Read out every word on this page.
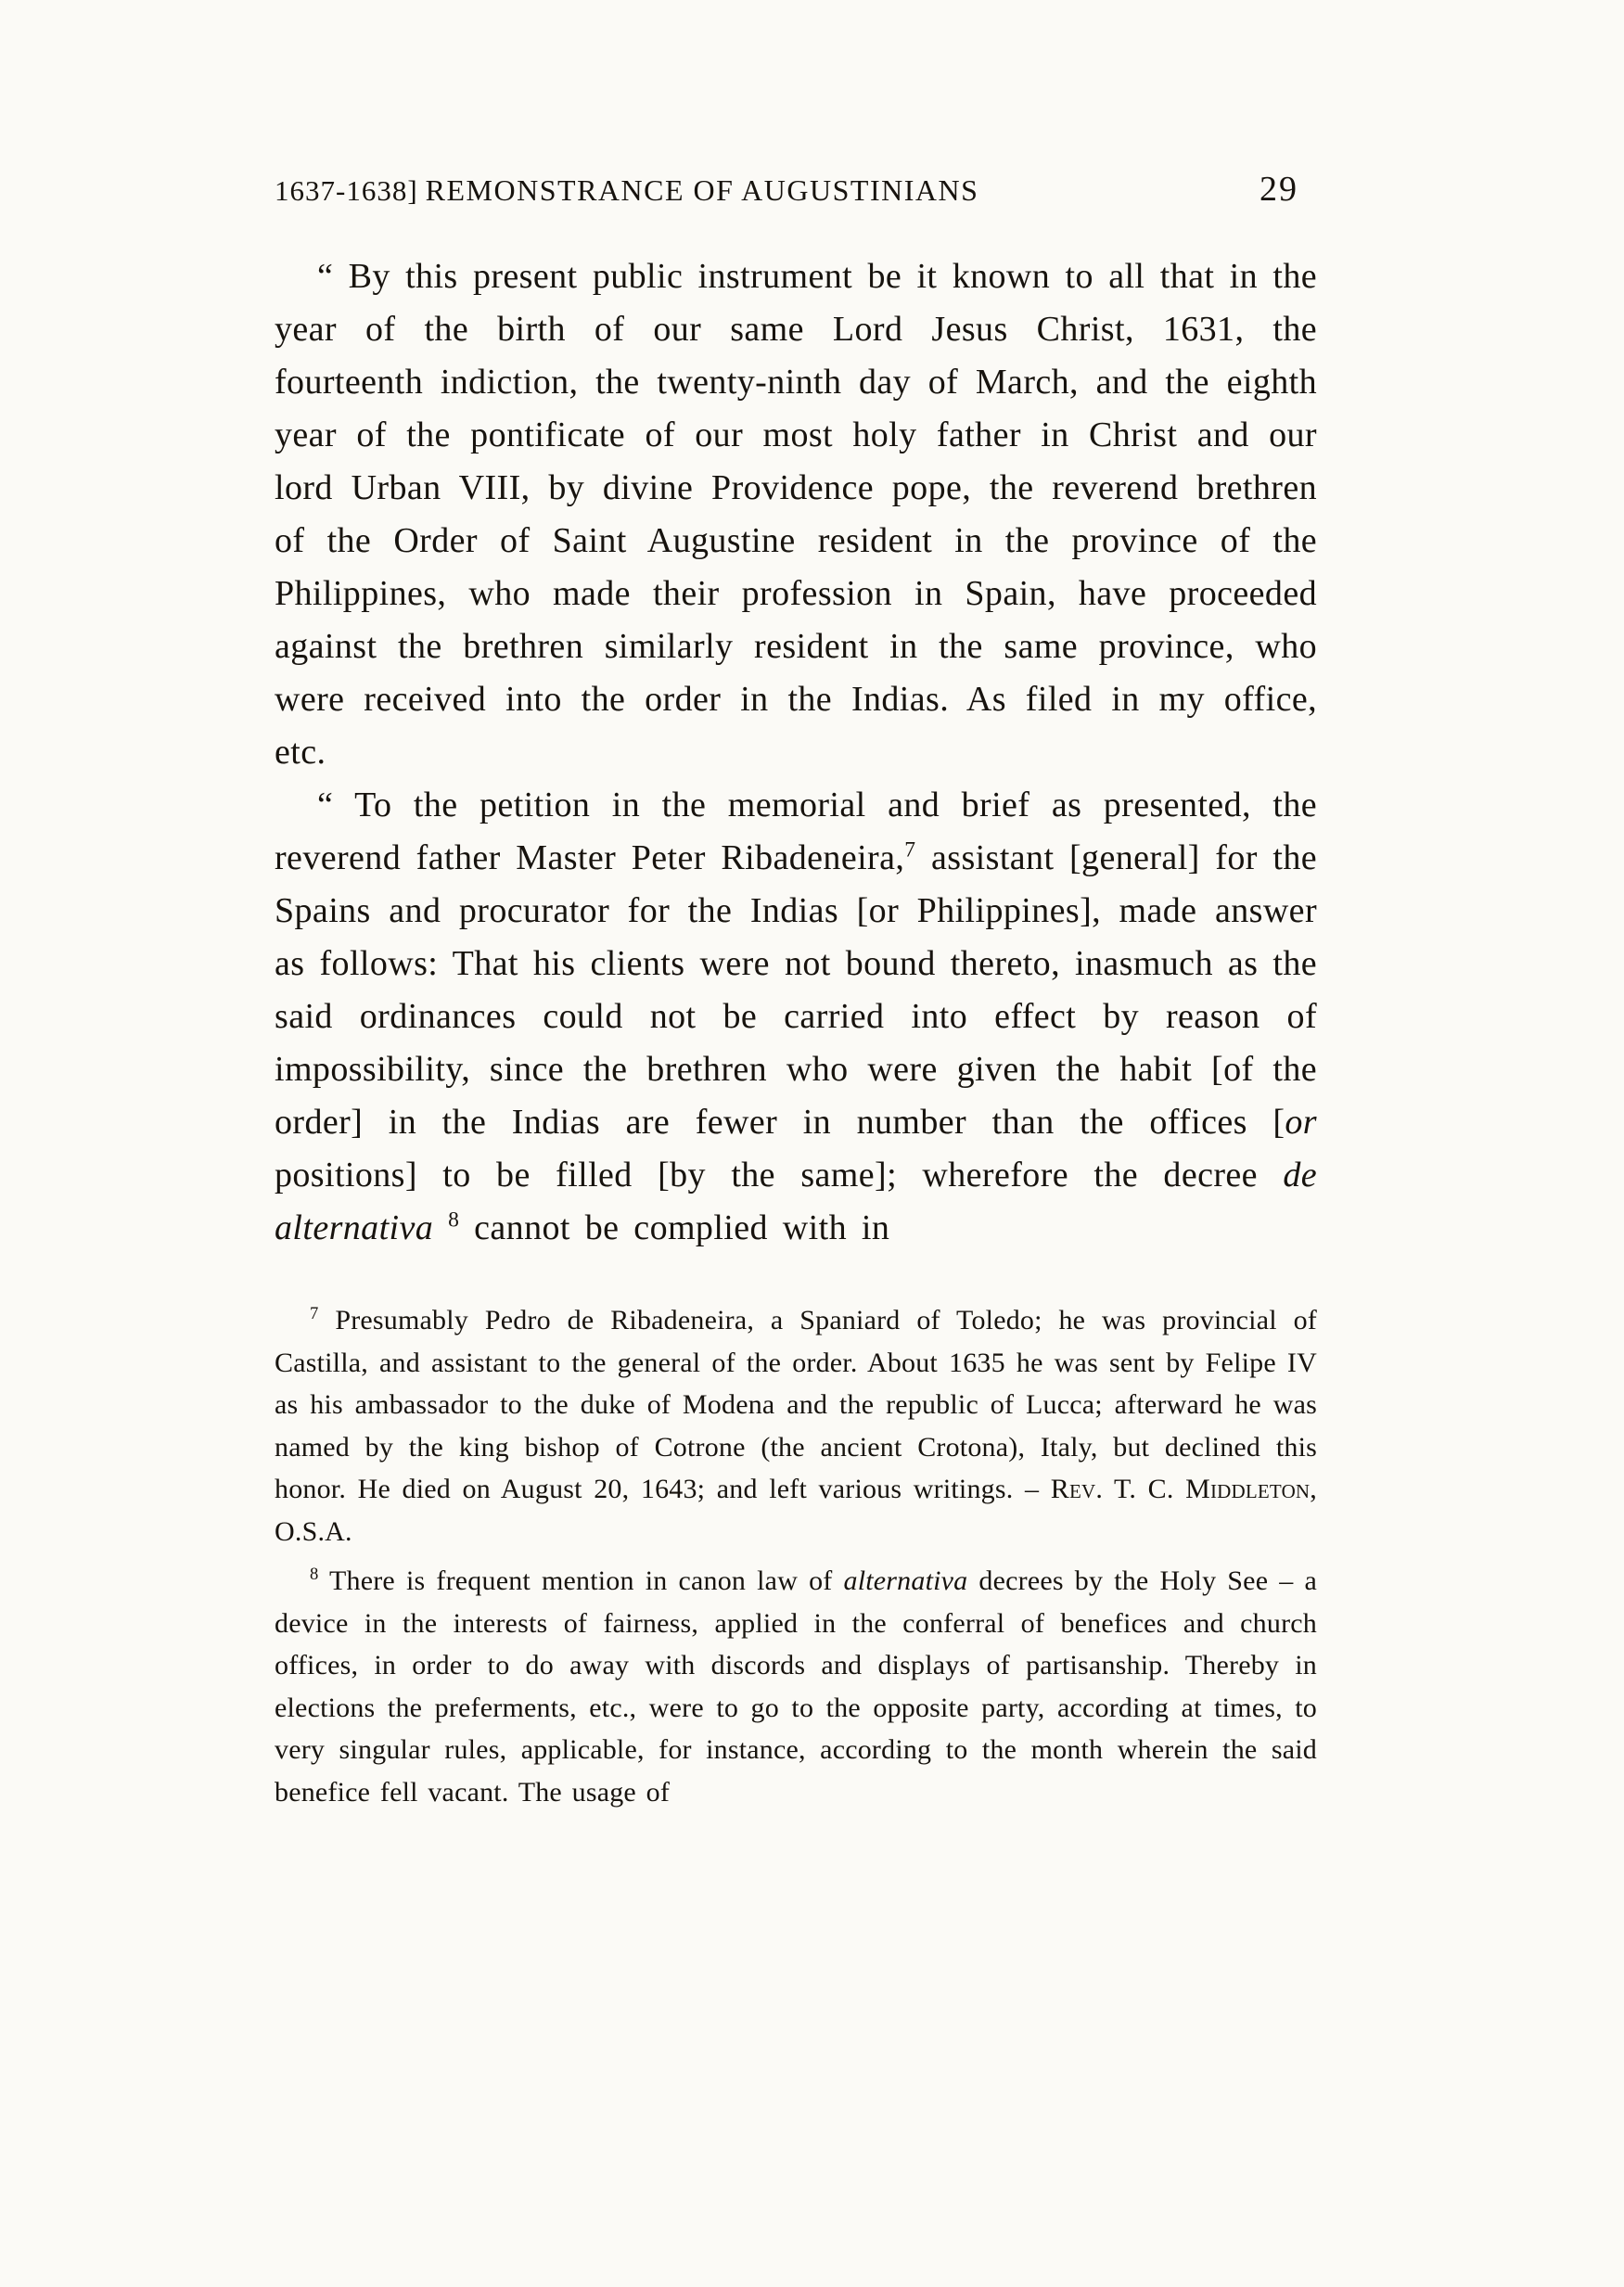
1637-1638] REMONSTRANCE OF AUGUSTINIANS	29

“ By this present public instrument be it known to all that in the year of the birth of our same Lord Jesus Christ, 1631, the fourteenth indiction, the twenty-ninth day of March, and the eighth year of the pontificate of our most holy father in Christ and our lord Urban VIII, by divine Providence pope, the reverend brethren of the Order of Saint Augustine resident in the province of the Philippines, who made their profession in Spain, have proceeded against the brethren similarly resident in the same province, who were received into the order in the Indias. As filed in my office, etc.

“ To the petition in the memorial and brief as presented, the reverend father Master Peter Ribadeneira,$^7$ assistant [general] for the Spains and procurator for the Indias [or Philippines], made answer as follows: That his clients were not bound thereto, inasmuch as the said ordinances could not be carried into effect by reason of impossibility, since the brethren who were given the habit [of the order] in the Indias are fewer in number than the offices [or positions] to be filled [by the same]; wherefore the decree de alternativa $^8$ cannot be complied with in

$^7$ Presumably Pedro de Ribadeneira, a Spaniard of Toledo; he was provincial of Castilla, and assistant to the general of the order. About 1635 he was sent by Felipe IV as his ambassador to the duke of Modena and the republic of Lucca; afterward he was named by the king bishop of Cotrone (the ancient Crotona), Italy, but declined this honor. He died on August 20, 1643; and left various writings. – Rev. T. C. Middleton, O.S.A.

$^8$ There is frequent mention in canon law of alternativa decrees by the Holy See – a device in the interests of fairness, applied in the conferral of benefices and church offices, in order to do away with discords and displays of partisanship. Thereby in elections the preferments, etc., were to go to the opposite party, according at times, to very singular rules, applicable, for instance, according to the month wherein the said benefice fell vacant. The usage of
